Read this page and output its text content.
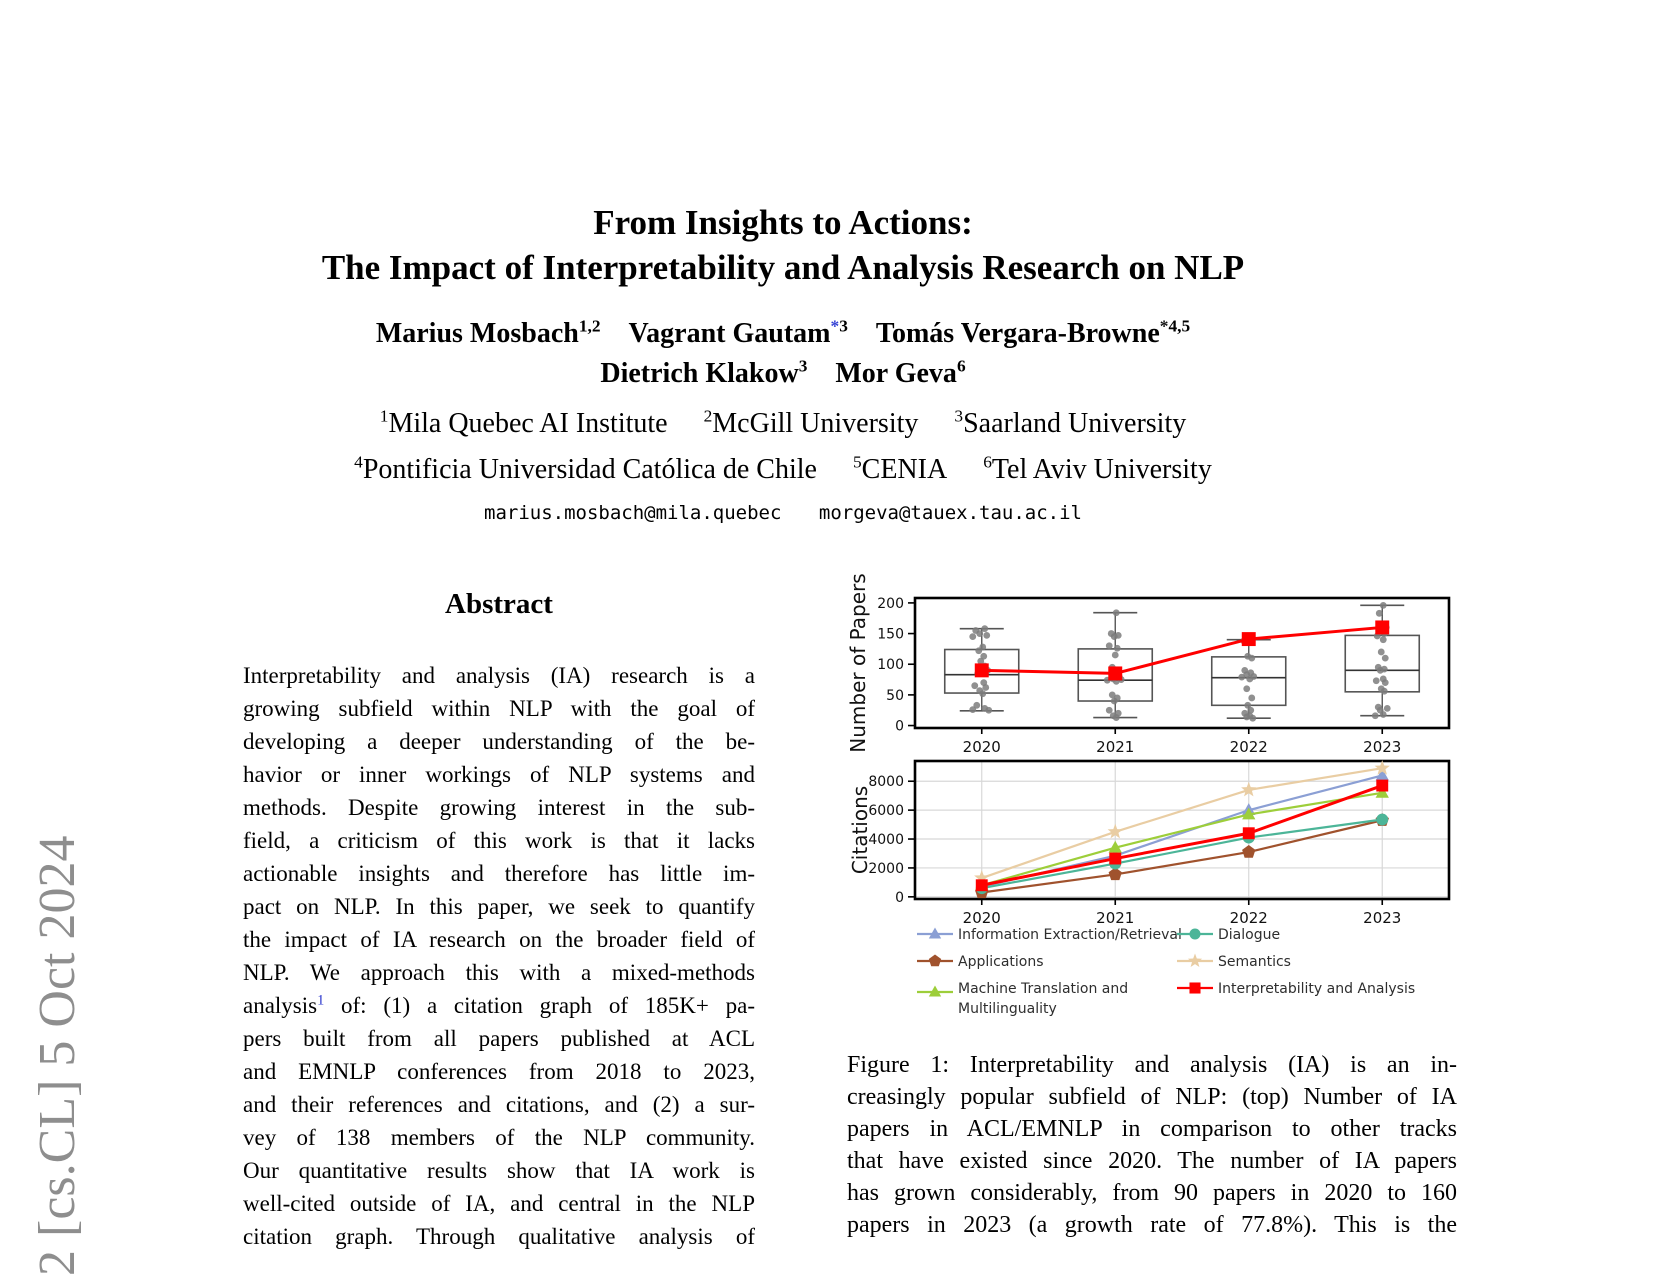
2 [cs.CL] 5 Oct 2024
From Insights to Actions:
The Impact of Interpretability and Analysis Research on NLP
Marius Mosbach$^{1,2}$ Vagrant Gautam$^{*3}$ Tomás Vergara-Browne$^{*4,5}$
Dietrich Klakow$^3$ Mor Geva$^6$
$^1$Mila Quebec AI Institute $^2$McGill University $^3$Saarland University
$^4$Pontificia Universidad Católica de Chile $^5$CENIA $^6$Tel Aviv University
marius.mosbach@mila.quebec morgeva@tauex.tau.ac.il
Abstract
Interpretability and analysis (IA) research is a
growing subfield within NLP with the goal of
developing a deeper understanding of the be-
havior or inner workings of NLP systems and
methods. Despite growing interest in the sub-
field, a criticism of this work is that it lacks
actionable insights and therefore has little im-
pact on NLP. In this paper, we seek to quantify
the impact of IA research on the broader field of
NLP. We approach this with a mixed-methods
analysis$^1$ of: (1) a citation graph of 185K+ pa-
pers built from all papers published at ACL
and EMNLP conferences from 2018 to 2023,
and their references and citations, and (2) a sur-
vey of 138 members of the NLP community.
Our quantitative results show that IA work is
well-cited outside of IA, and central in the NLP
citation graph. Through qualitative analysis of
0
50
100
150
200
2020	2021	2022	2023
Number of Papers
0
2000
4000
6000
8000
2020	2021	2022	2023
Citations
Information Extraction/Retrieval
Applications
Machine Translation and
Multilinguality
Dialogue
Semantics
Interpretability and Analysis
Figure 1: Interpretability and analysis (IA) is an in-
creasingly popular subfield of NLP: (top) Number of IA
papers in ACL/EMNLP in comparison to other tracks
that have existed since 2020. The number of IA papers
has grown considerably, from 90 papers in 2020 to 160
papers in 2023 (a growth rate of 77.8%). This is the
